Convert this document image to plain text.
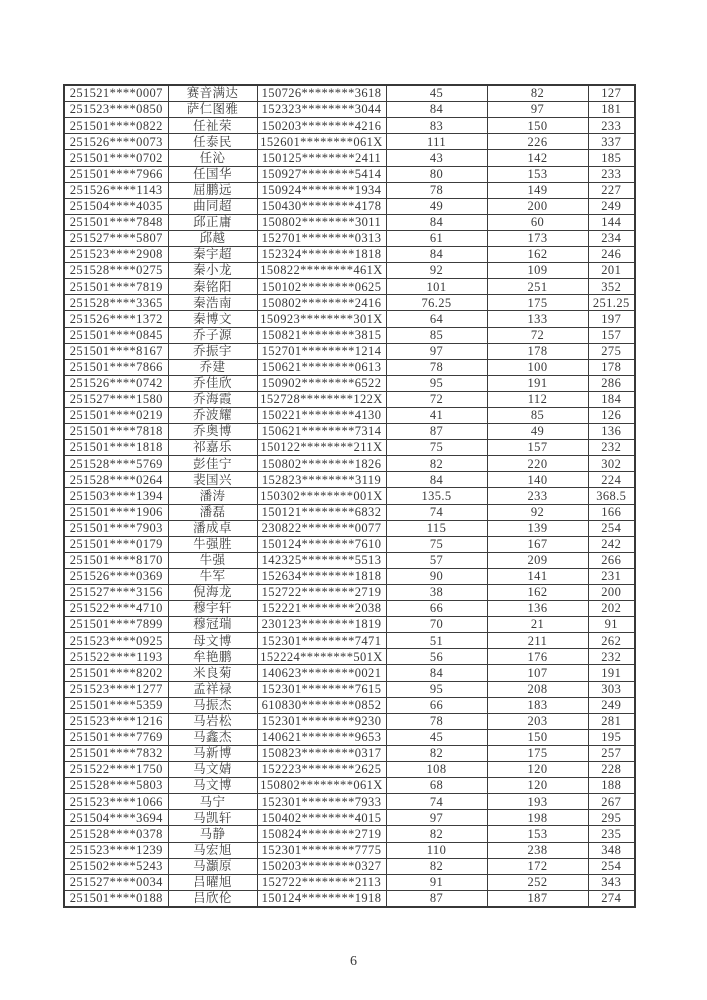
251521****0007	赛音满达	150726********3618	45	82	127
251523****0850	萨仁图雅	152323********3044	84	97	181
251501****0822	任祉荣	150203********4216	83	150	233
251526****0073	任泰民	152601********061X	111	226	337
251501****0702	任沁	150125********2411	43	142	185
251501****7966	任国华	150927********5414	80	153	233
251526****1143	屈鹏远	150924********1934	78	149	227
251504****4035	曲同超	150430********4178	49	200	249
251501****7848	邱正庸	150802********3011	84	60	144
251527****5807	邱越	152701********0313	61	173	234
251523****2908	秦宇超	152324********1818	84	162	246
251528****0275	秦小龙	150822********461X	92	109	201
251501****7819	秦铭阳	150102********0625	101	251	352
251528****3365	秦浩南	150802********2416	76.25	175	251.25
251526****1372	秦博文	150923********301X	64	133	197
251501****0845	乔子源	150821********3815	85	72	157
251501****8167	乔振宇	152701********1214	97	178	275
251501****7866	乔建	150621********0613	78	100	178
251526****0742	乔佳欣	150902********6522	95	191	286
251527****1580	乔海霞	152728********122X	72	112	184
251501****0219	乔波耀	150221********4130	41	85	126
251501****7818	乔奥博	150621********7314	87	49	136
251501****1818	祁嘉乐	150122********211X	75	157	232
251528****5769	彭佳宁	150802********1826	82	220	302
251528****0264	裴国兴	152823********3119	84	140	224
251503****1394	潘涛	150302********001X	135.5	233	368.5
251501****1906	潘磊	150121********6832	74	92	166
251501****7903	潘成卓	230822********0077	115	139	254
251501****0179	牛强胜	150124********7610	75	167	242
251501****8170	牛强	142325********5513	57	209	266
251526****0369	牛军	152634********1818	90	141	231
251527****3156	倪海龙	152722********2719	38	162	200
251522****4710	穆宇轩	152221********2038	66	136	202
251501****7899	穆冠瑞	230123********1819	70	21	91
251523****0925	母文博	152301********7471	51	211	262
251522****1193	牟艳鹏	152224********501X	56	176	232
251501****8202	米良菊	140623********0021	84	107	191
251523****1277	孟祥禄	152301********7615	95	208	303
251501****5359	马振杰	610830********0852	66	183	249
251523****1216	马岩松	152301********9230	78	203	281
251501****7769	马鑫杰	140621********9653	45	150	195
251501****7832	马新博	150823********0317	82	175	257
251522****1750	马文婧	152223********2625	108	120	228
251528****5803	马文博	150802********061X	68	120	188
251523****1066	马宁	152301********7933	74	193	267
251504****3694	马凯轩	150402********4015	97	198	295
251528****0378	马静	150824********2719	82	153	235
251523****1239	马宏旭	152301********7775	110	238	348
251502****5243	马灝原	150203********0327	82	172	254
251527****0034	吕曜旭	152722********2113	91	252	343
251501****0188	吕欣伦	150124********1918	87	187	274
6
